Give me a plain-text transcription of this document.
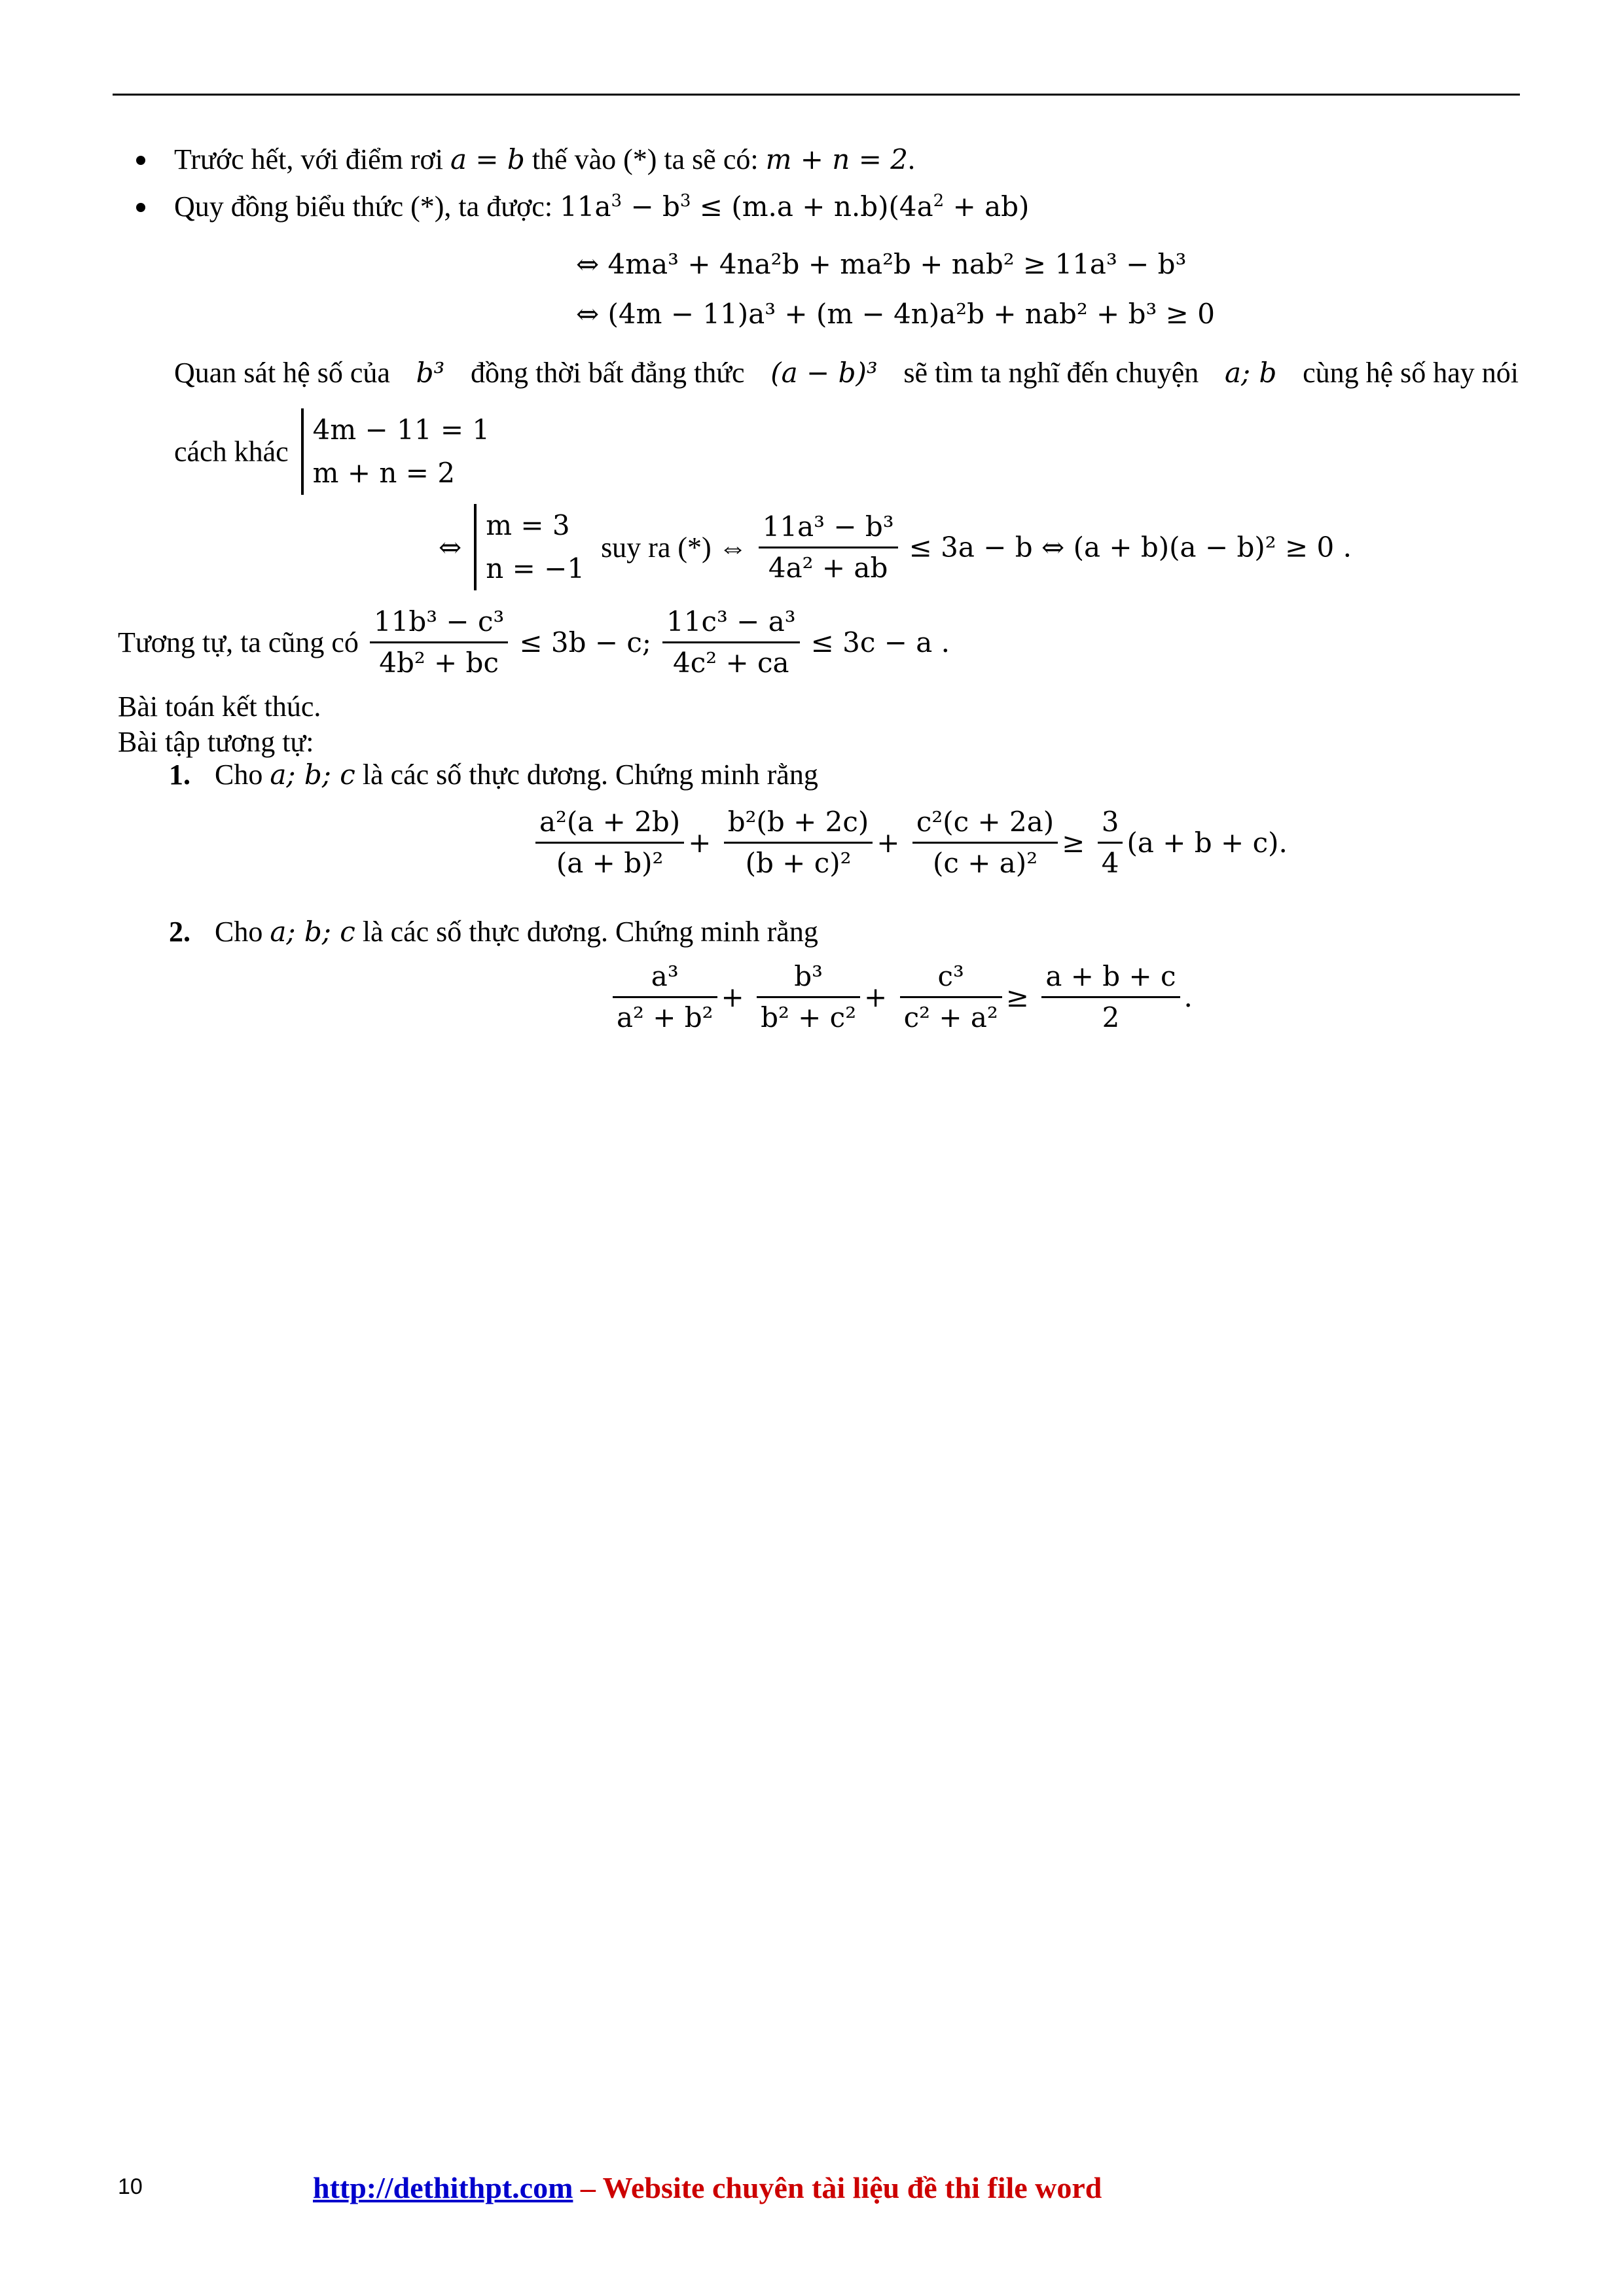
Trước hết, với điểm rơi a = b thế vào (*) ta sẽ có: m + n = 2.
Quy đồng biểu thức (*), ta được: $11a^3 - b^3 \le (m.a + n.b)(4a^2 + ab)$
⇔ 4ma³ + 4na²b + ma²b + nab² ≥ 11a³ − b³
⇔ (4m − 11)a³ + (m − 4n)a²b + nab² + b³ ≥ 0
Quan sát hệ số của b³ đồng thời bất đẳng thức (a − b)³ sẽ tìm ta nghĩ đến chuyện a; b cùng hệ số hay nói
cách khác
4m − 11 = 1
m + n = 2
⇔
m = 3
n = −1
suy ra (*) ⇔ $\frac{\text{11a³ − b³}}{\text{4a² + ab}} \le 3a - b$ ⇔ (a + b)(a − b)² ≥ 0 .
Tương tự, ta cũng có $\frac{\text{11b³ − c³}}{\text{4b² + bc}} \le 3b - c$; $\frac{\text{11c³ − a³}}{\text{4c² + ca}} \le 3c - a$ .
Bài toán kết thúc.
Bài tập tương tự:
1. Cho a; b; c là các số thực dương. Chứng minh rằng
$\frac{\text{a²(a + 2b)}}{\text{(a + b)²}} + \frac{\text{b²(b + 2c)}}{\text{(b + c)²}} + \frac{\text{c²(c + 2a)}}{\text{(c + a)²}} \ge \frac{3}{4} (a + b + c)$.
2. Cho a; b; c là các số thực dương. Chứng minh rằng
$\frac{\text{a³}}{\text{a² + b²}} + \frac{\text{b³}}{\text{b² + c²}} + \frac{\text{c³}}{\text{c² + a²}} \ge \frac{a + b + c}{2}$ .
10	http://dethithpt.com – Website chuyên tài liệu đề thi file word
